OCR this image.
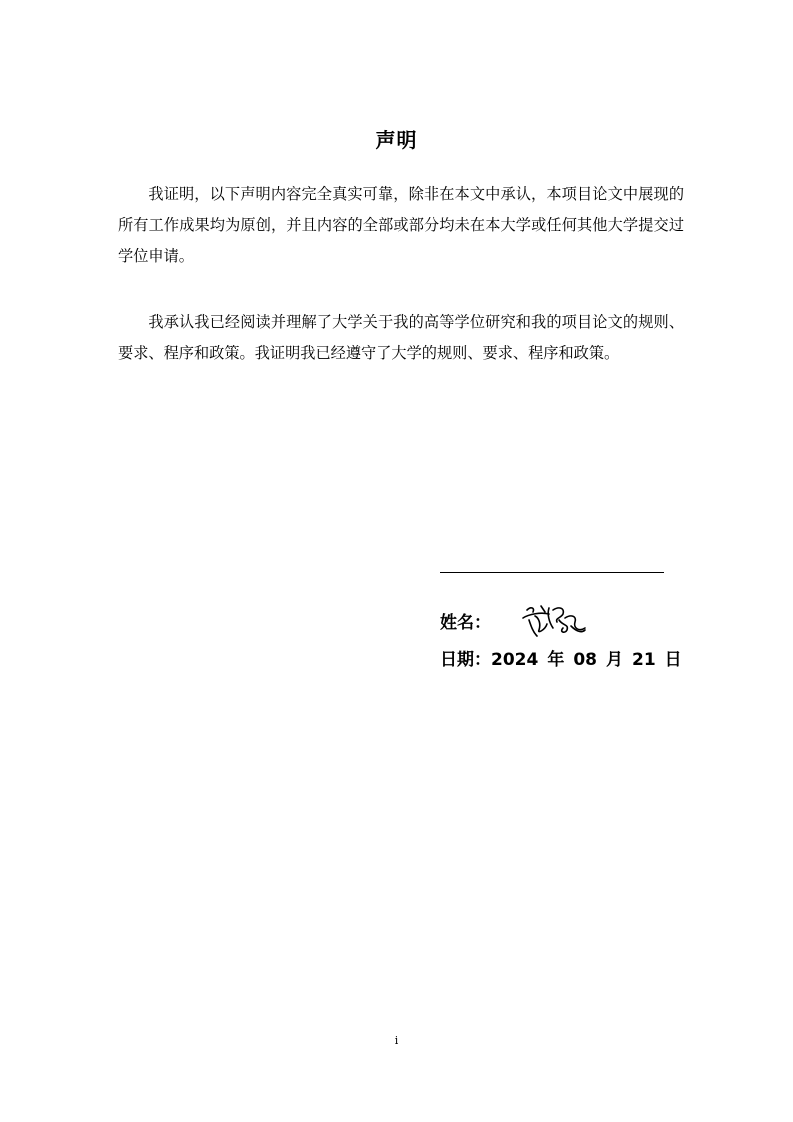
声明

我证明，以下声明内容完全真实可靠，除非在本文中承认，本项目论文中展现的所有工作成果均为原创，并且内容的全部或部分均未在本大学或任何其他大学提交过学位申请。

我承认我已经阅读并理解了大学关于我的高等学位研究和我的项目论文的规则、要求、程序和政策。我证明我已经遵守了大学的规则、要求、程序和政策。

姓名：
日期：2024 年 08 月 21 日
i
